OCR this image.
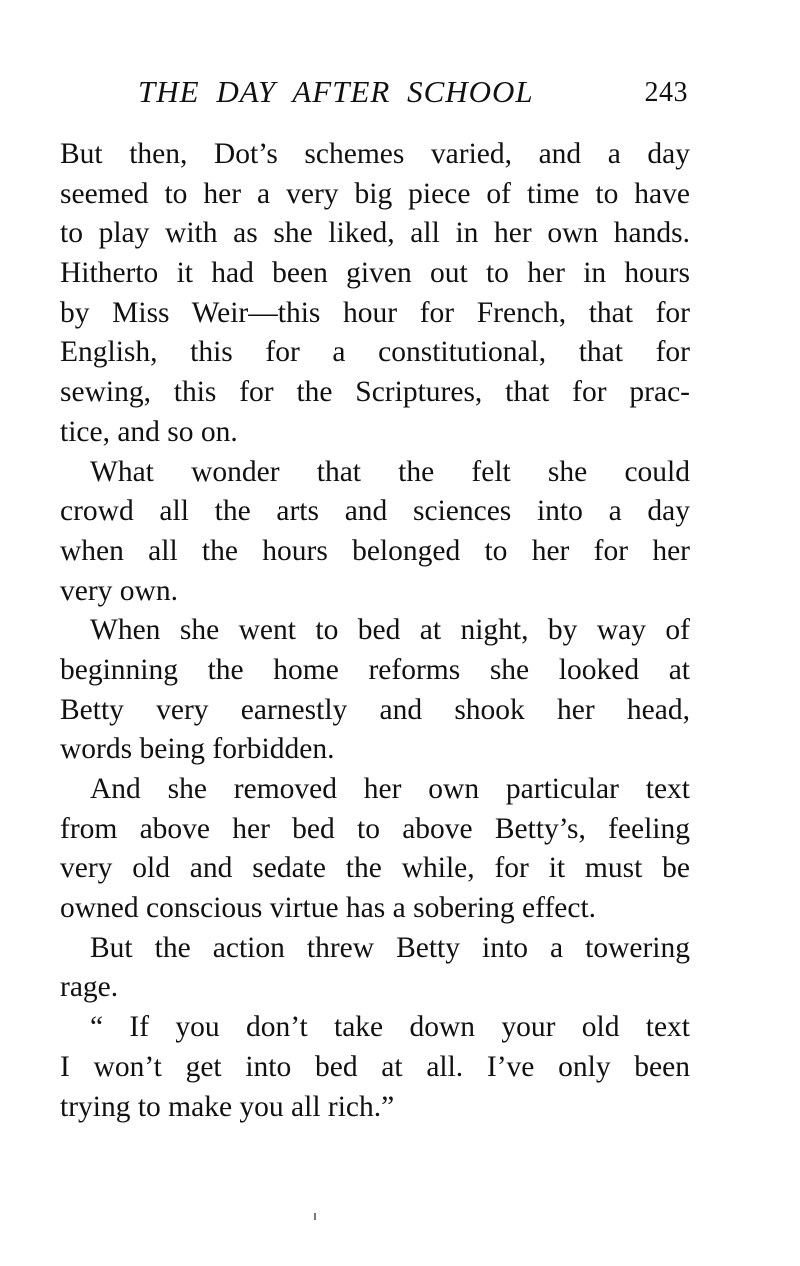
THE DAY AFTER SCHOOL	243
But then, Dot’s schemes varied, and a day
seemed to her a very big piece of time to have
to play with as she liked, all in her own hands.
Hitherto it had been given out to her in hours
by Miss Weir—this hour for French, that for
English, this for a constitutional, that for
sewing, this for the Scriptures, that for prac-
tice, and so on.
What wonder that the felt she could
crowd all the arts and sciences into a day
when all the hours belonged to her for her
very own.
When she went to bed at night, by way of
beginning the home reforms she looked at
Betty very earnestly and shook her head,
words being forbidden.
And she removed her own particular text
from above her bed to above Betty’s, feeling
very old and sedate the while, for it must be
owned conscious virtue has a sobering effect.
But the action threw Betty into a towering
rage.
“ If you don’t take down your old text
I won’t get into bed at all. I’ve only been
trying to make you all rich.”
